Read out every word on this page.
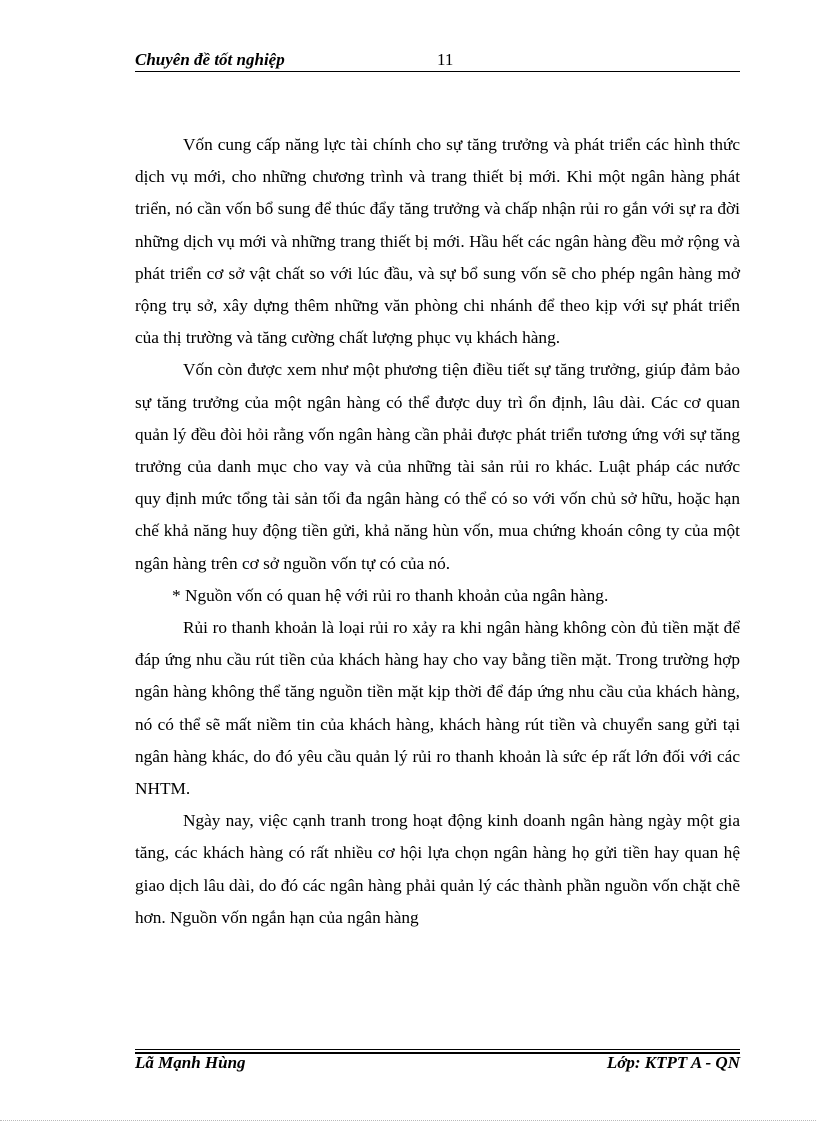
Chuyên đề tốt nghiệp	11

Vốn cung cấp năng lực tài chính cho sự tăng trưởng và phát triển các hình thức dịch vụ mới, cho những chương trình và trang thiết bị mới. Khi một ngân hàng phát triển, nó cần vốn bổ sung để thúc đẩy tăng trưởng và chấp nhận rủi ro gắn với sự ra đời những dịch vụ mới và những trang thiết bị mới. Hầu hết các ngân hàng đều mở rộng và phát triển cơ sở vật chất so với lúc đầu, và sự bổ sung vốn sẽ cho phép ngân hàng mở rộng trụ sở, xây dựng thêm những văn phòng chi nhánh để theo kịp với sự phát triển của thị trường và tăng cường chất lượng phục vụ khách hàng.

Vốn còn được xem như một phương tiện điều tiết sự tăng trưởng, giúp đảm bảo sự tăng trưởng của một ngân hàng có thể được duy trì ổn định, lâu dài. Các cơ quan quản lý đều đòi hỏi rằng vốn ngân hàng cần phải được phát triển tương ứng với sự tăng trưởng của danh mục cho vay và của những tài sản rủi ro khác. Luật pháp các nước quy định mức tổng tài sản tối đa ngân hàng có thể có so với vốn chủ sở hữu, hoặc hạn chế khả năng huy động tiền gửi, khả năng hùn vốn, mua chứng khoán công ty của một ngân hàng trên cơ sở nguồn vốn tự có của nó.

* Nguồn vốn có quan hệ với rủi ro thanh khoản của ngân hàng.

Rủi ro thanh khoản là loại rủi ro xảy ra khi ngân hàng không còn đủ tiền mặt để đáp ứng nhu cầu rút tiền của khách hàng hay cho vay bằng tiền mặt. Trong trường hợp ngân hàng không thể tăng nguồn tiền mặt kịp thời để đáp ứng nhu cầu của khách hàng, nó có thể sẽ mất niềm tin của khách hàng, khách hàng rút tiền và chuyển sang gửi tại ngân hàng khác, do đó yêu cầu quản lý rủi ro thanh khoản là sức ép rất lớn đối với các NHTM.

Ngày nay, việc cạnh tranh trong hoạt động kinh doanh ngân hàng ngày một gia tăng, các khách hàng có rất nhiều cơ hội lựa chọn ngân hàng họ gửi tiền hay quan hệ giao dịch lâu dài, do đó các ngân hàng phải quản lý các thành phần nguồn vốn chặt chẽ hơn. Nguồn vốn ngắn hạn của ngân hàng

Lã Mạnh Hùng	Lớp: KTPT A - QN
